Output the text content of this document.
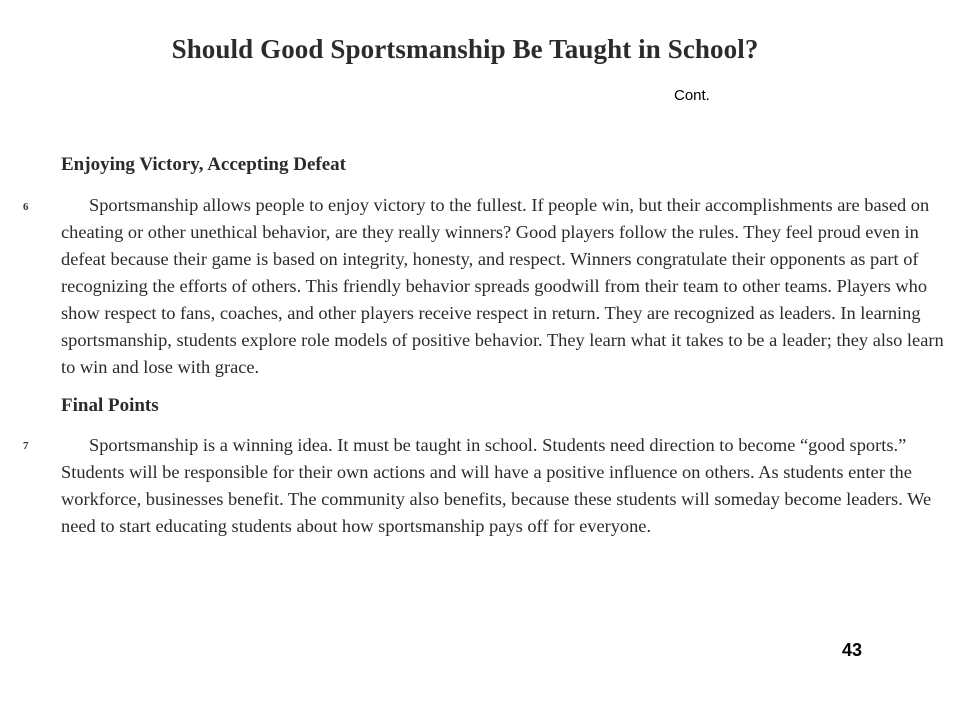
Should Good Sportsmanship Be Taught in School?
Cont.
Enjoying Victory, Accepting Defeat
6	Sportsmanship allows people to enjoy victory to the fullest. If people win, but their accomplishments are based on cheating or other unethical behavior, are they really winners? Good players follow the rules. They feel proud even in defeat because their game is based on integrity, honesty, and respect. Winners congratulate their opponents as part of recognizing the efforts of others. This friendly behavior spreads goodwill from their team to other teams. Players who show respect to fans, coaches, and other players receive respect in return. They are recognized as leaders. In learning sportsmanship, students explore role models of positive behavior. They learn what it takes to be a leader; they also learn to win and lose with grace.

Final Points
7	Sportsmanship is a winning idea. It must be taught in school. Students need direction to become “good sports.” Students will be responsible for their own actions and will have a positive influence on others. As students enter the workforce, businesses benefit. The community also benefits, because these students will someday become leaders. We need to start educating students about how sportsmanship pays off for everyone.

43
